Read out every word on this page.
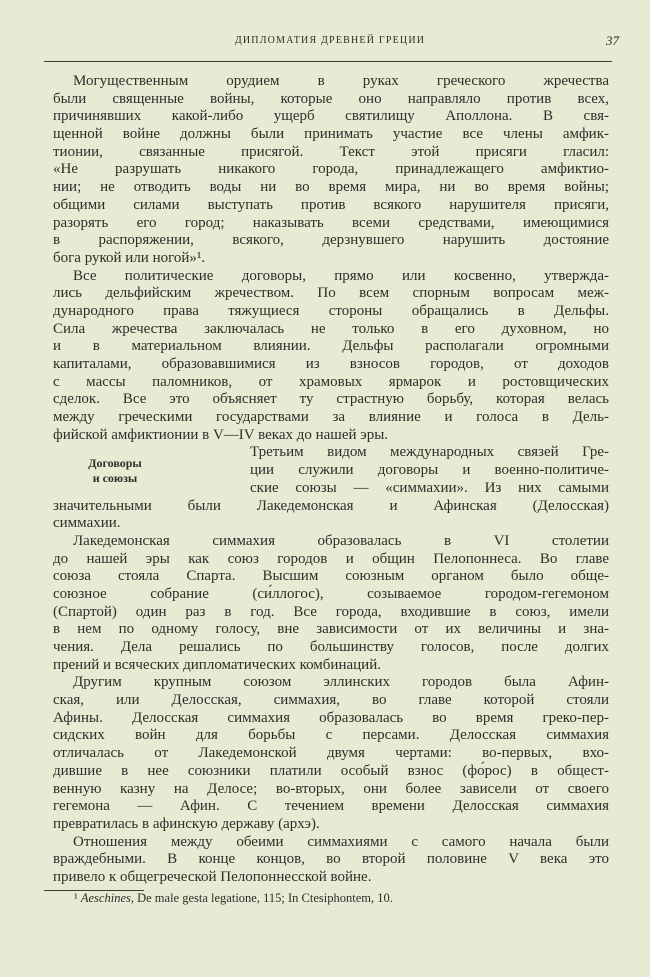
ДИПЛОМАТИЯ ДРЕВНЕЙ ГРЕЦИИ	37
Договоры
и союзы
Могущественным орудием в руках греческого жречества
были священные войны, которые оно направляло против всех,
причинявших какой-либо ущерб святилищу Аполлона. В свя-
щенной войне должны были принимать участие все члены амфик-
тионии, связанные присягой. Текст этой присяги гласил:
«Не разрушать никакого города, принадлежащего амфиктио-
нии; не отводить воды ни во время мира, ни во время войны;
общими силами выступать против всякого нарушителя присяги,
разорять его город; наказывать всеми средствами, имеющимися
в распоряжении, всякого, дерзнувшего нарушить достояние
бога рукой или ногой»¹.
Все политические договоры, прямо или косвенно, утвержда-
лись дельфийским жречеством. По всем спорным вопросам меж-
дународного права тяжущиеся стороны обращались в Дельфы.
Сила жречества заключалась не только в его духовном, но
и в материальном влиянии. Дельфы располагали огромными
капиталами, образовавшимися из взносов городов, от доходов
с массы паломников, от храмовых ярмарок и ростовщических
сделок. Все это объясняет ту страстную борьбу, которая велась
между греческими государствами за влияние и голоса в Дель-
фийской амфиктионии в V—IV веках до нашей эры.
Третьим видом международных связей Гре-
ции служили договоры и военно-политиче-
ские союзы — «симмахии». Из них самыми
значительными были Лакедемонская и Афинская (Делосская)
симмахии.
Лакедемонская симмахия образовалась в VI столетии
до нашей эры как союз городов и общин Пелопоннеса. Во главе
союза стояла Спарта. Высшим союзным органом было обще-
союзное собрание (си́ллогос), созываемое городом-гегемоном
(Спартой) один раз в год. Все города, входившие в союз, имели
в нем по одному голосу, вне зависимости от их величины и зна-
чения. Дела решались по большинству голосов, после долгих
прений и всяческих дипломатических комбинаций.
Другим крупным союзом эллинских городов была Афин-
ская, или Делосская, симмахия, во главе которой стояли
Афины. Делосская симмахия образовалась во время греко-пер-
сидских войн для борьбы с персами. Делосская симмахия
отличалась от Лакедемонской двумя чертами: во-первых, вхо-
дившие в нее союзники платили особый взнос (фо́рос) в общест-
венную казну на Делосе; во-вторых, они более зависели от своего
гегемона — Афин. С течением времени Делосская симмахия
превратилась в афинскую державу (архэ).
Отношения между обеими симмахиями с самого начала были
враждебными. В конце концов, во второй половине V века это
привело к общегреческой Пелопоннесской войне.
¹ Aeschines, De male gesta legatione, 115; In Ctesiphontem, 10.
